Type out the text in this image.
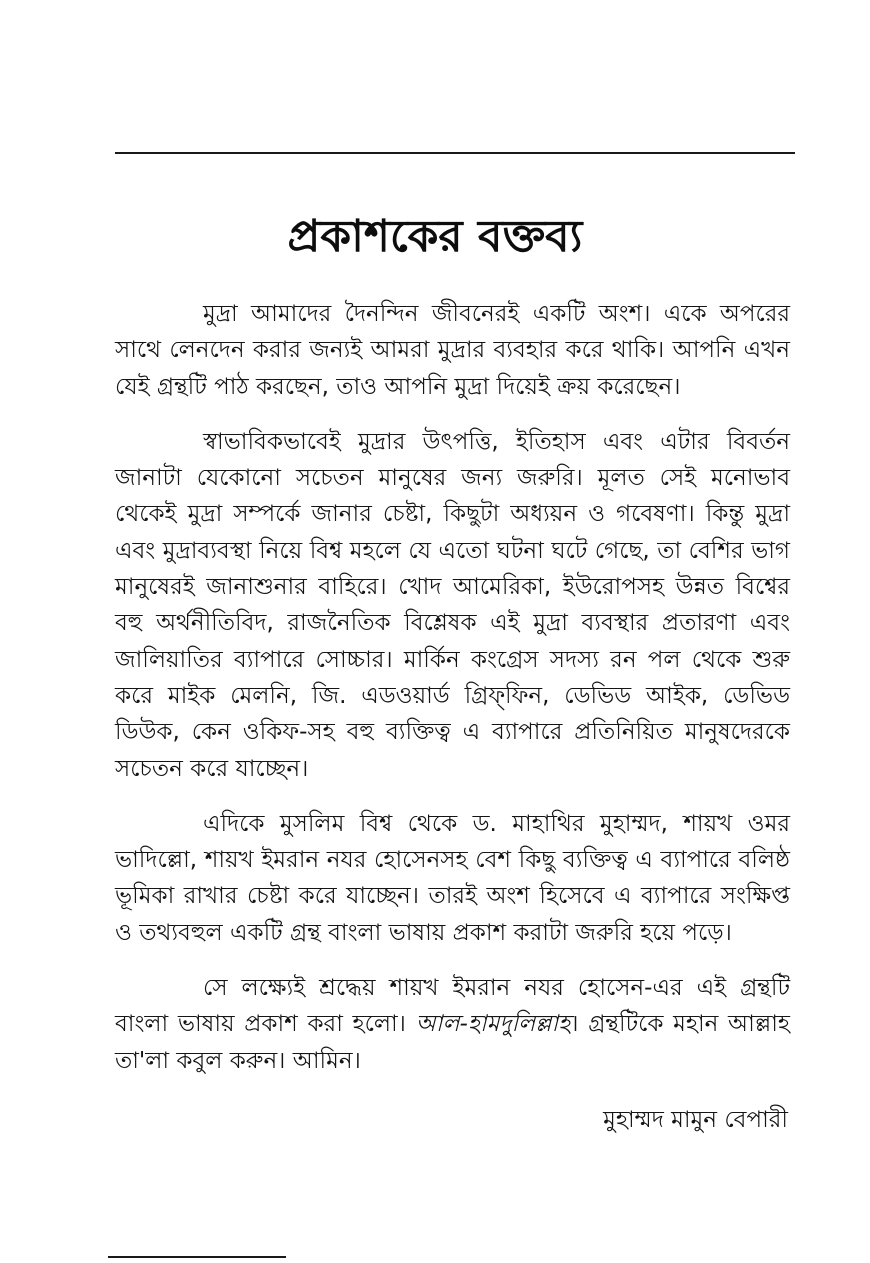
প্রকাশকের বক্তব্য

মুদ্রা আমাদের দৈনন্দিন জীবনেরই একটি অংশ। একে অপরের সাথে লেনদেন করার জন্যই আমরা মুদ্রার ব্যবহার করে থাকি। আপনি এখন যেই গ্রন্থটি পাঠ করছেন, তাও আপনি মুদ্রা দিয়েই ক্রয় করেছেন।

স্বাভাবিকভাবেই মুদ্রার উৎপত্তি, ইতিহাস এবং এটার বিবর্তন জানাটা যেকোনো সচেতন মানুষের জন্য জরুরি। মূলত সেই মনোভাব থেকেই মুদ্রা সম্পর্কে জানার চেষ্টা, কিছুটা অধ্যয়ন ও গবেষণা। কিন্তু মুদ্রা এবং মুদ্রাব্যবস্থা নিয়ে বিশ্ব মহলে যে এতো ঘটনা ঘটে গেছে, তা বেশির ভাগ মানুষেরই জানাশুনার বাহিরে। খোদ আমেরিকা, ইউরোপসহ উন্নত বিশ্বের বহু অর্থনীতিবিদ, রাজনৈতিক বিশ্লেষক এই মুদ্রা ব্যবস্থার প্রতারণা এবং জালিয়াতির ব্যাপারে সোচ্চার। মার্কিন কংগ্রেস সদস্য রন পল থেকে শুরু করে মাইক মেলনি, জি. এডওয়ার্ড গ্রিফ্‌ফিন, ডেভিড আইক, ডেভিড ডিউক, কেন ওকিফ-সহ বহু ব্যক্তিত্ব এ ব্যাপারে প্রতিনিয়িত মানুষদেরকে সচেতন করে যাচ্ছেন।

এদিকে মুসলিম বিশ্ব থেকে ড. মাহাথির মুহাম্মদ, শায়খ ওমর ভাদিল্লো, শায়খ ইমরান নযর হোসেনসহ বেশ কিছু ব্যক্তিত্ব এ ব্যাপারে বলিষ্ঠ ভূমিকা রাখার চেষ্টা করে যাচ্ছেন। তারই অংশ হিসেবে এ ব্যাপারে সংক্ষিপ্ত ও তথ্যবহুল একটি গ্রন্থ বাংলা ভাষায় প্রকাশ করাটা জরুরি হয়ে পড়ে।

সে লক্ষ্যেই শ্রদ্ধেয় শায়খ ইমরান নযর হোসেন-এর এই গ্রন্থটি বাংলা ভাষায় প্রকাশ করা হলো। আল-হামদুলিল্লাহ। গ্রন্থটিকে মহান আল্লাহ তা'লা কবুল করুন। আমিন।

মুহাম্মদ মামুন বেপারী
